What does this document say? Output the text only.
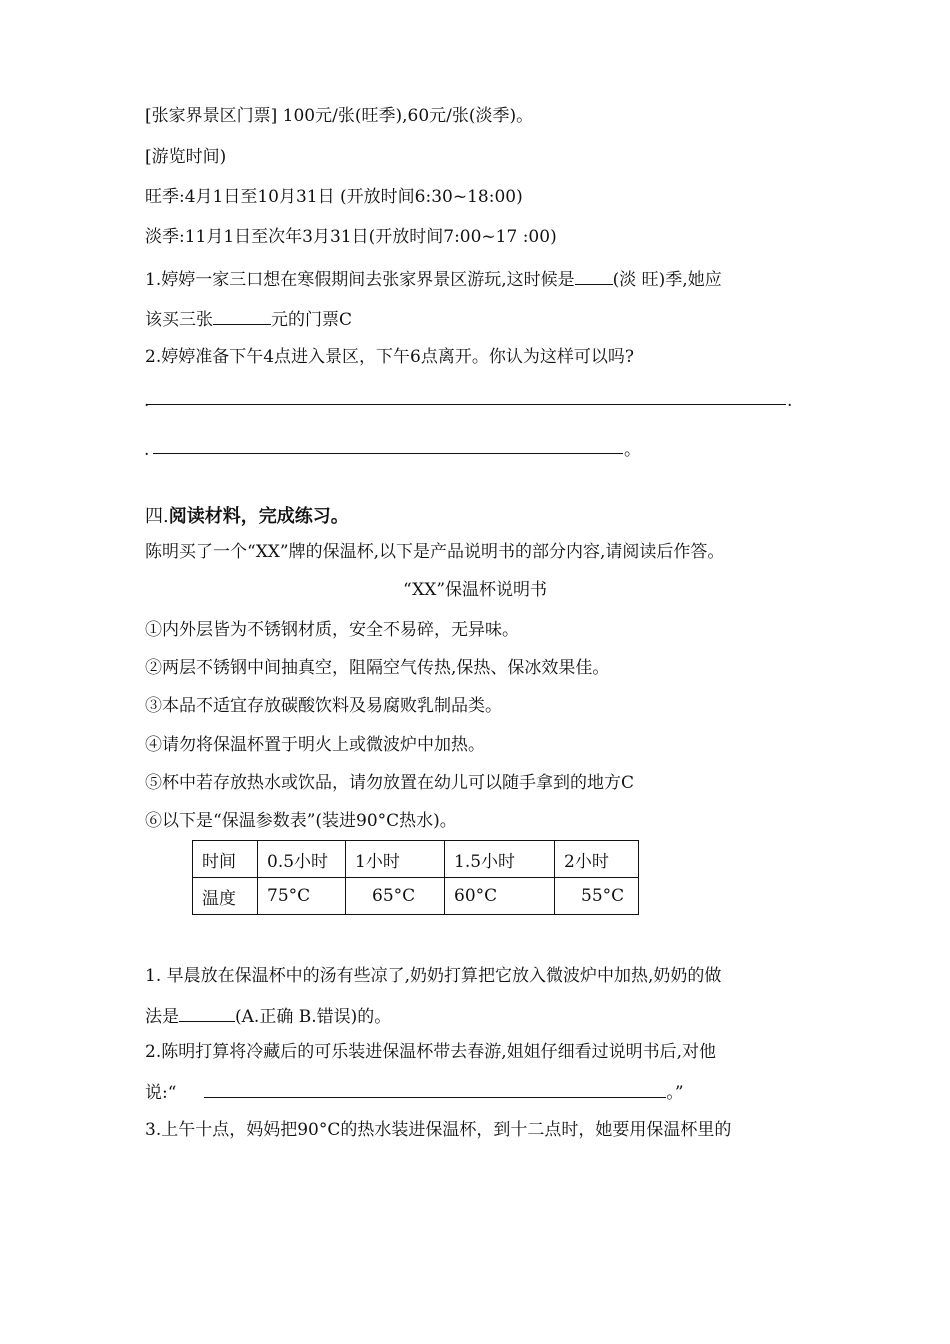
[张家界景区门票] 100元/张(旺季),60元/张(淡季)。
[游览时间)
旺季:4月1日至10月31日 (开放时间6:30~18:00)
淡季:11月1日至次年3月31日(开放时间7:00~17 :00)
1.婷婷一家三口想在寒假期间去张家界景区游玩,这时候是 (淡 旺)季,她应
该买三张	元的门票C
2.婷婷准备下午4点进入景区，下午6点离开。你认为这样可以吗?
.	.
.	。
四.阅读材料，完成练习。
陈明买了一个“XX”牌的保温杯,以下是产品说明书的部分内容,请阅读后作答。
“XX”保温杯说明书
①内外层皆为不锈钢材质，安全不易碎，无异味。
②两层不锈钢中间抽真空，阻隔空气传热,保热、保冰效果佳。
③本品不适宜存放碳酸饮料及易腐败乳制品类。
④请勿将保温杯置于明火上或微波炉中加热。
⑤杯中若存放热水或饮品，请勿放置在幼儿可以随手拿到的地方C
⑥以下是“保温参数表”(装进90°C热水)。
时间	0.5小时	1小时	1.5小时	2小时
温度	75°C	65°C	60°C	55°C
1. 早晨放在保温杯中的汤有些凉了,奶奶打算把它放入微波炉中加热,奶奶的做
法是	(A.正确 B.错误)的。
2.陈明打算将冷藏后的可乐装进保温杯带去春游,姐姐仔细看过说明书后,对他
说:“	。”
3.上午十点，妈妈把90°C的热水装进保温杯，到十二点时，她要用保温杯里的
